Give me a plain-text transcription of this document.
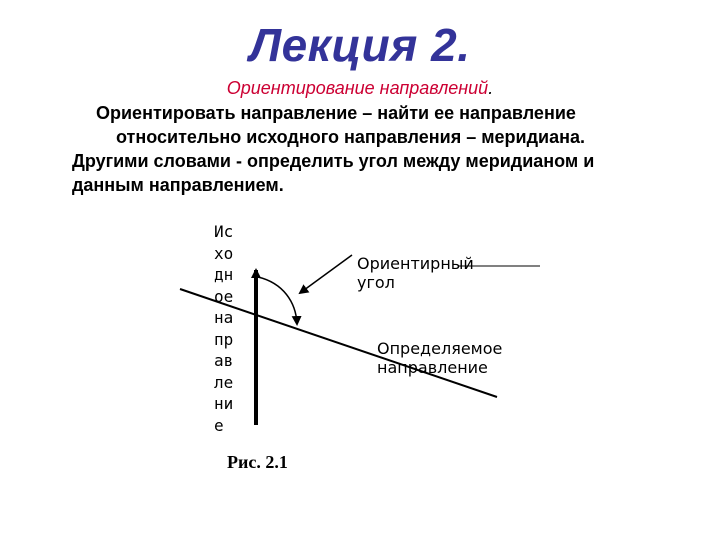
Лекция 2.
Ориентирование направлений.
Ориентировать направление – найти ее направление
относительно исходного направления – меридиана.
Другими словами - определить угол между меридианом и
данным направлением.
Ис
хо
дн
ое
на
пр
ав
ле
ни
е
Ориентирный
угол
Определяемое
направление
Рис. 2.1
